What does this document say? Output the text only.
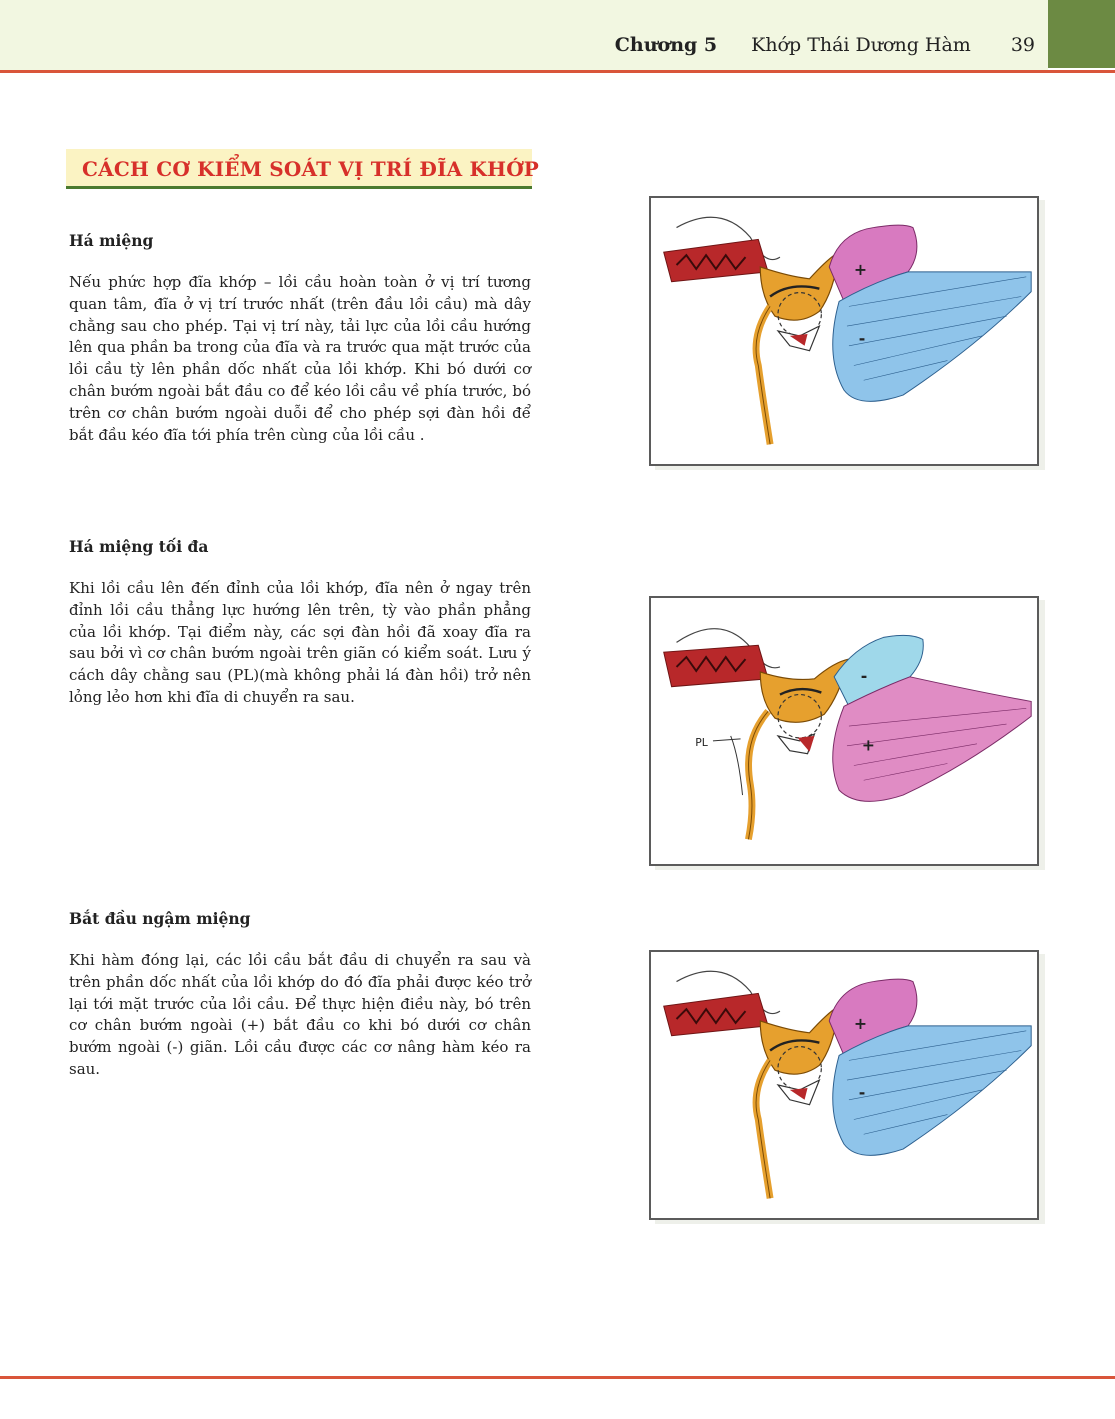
Chương 5 Khớp Thái Dương Hàm 39
CÁCH CƠ KIỂM SOÁT VỊ TRÍ ĐĨA KHỚP
Há miệng

Nếu phức hợp đĩa khớp – lồi cầu hoàn toàn ở vị trí tương quan tâm, đĩa ở vị trí trước nhất (trên đầu lồi cầu) mà dây chằng sau cho phép. Tại vị trí này, tải lực của lồi cầu hướng lên qua phần ba trong của đĩa và ra trước qua mặt trước của lồi cầu tỳ lên phần dốc nhất của lồi khớp. Khi bó dưới cơ chân bướm ngoài bắt đầu co để kéo lồi cầu về phía trước, bó trên cơ chân bướm ngoài duỗi để cho phép sợi đàn hồi để bắt đầu kéo đĩa tới phía trên cùng của lồi cầu .

Há miệng tối đa

Khi lồi cầu lên đến đỉnh của lồi khớp, đĩa nên ở ngay trên đỉnh lồi cầu thẳng lực hướng lên trên, tỳ vào phần phẳng của lồi khớp. Tại điểm này, các sợi đàn hồi đã xoay đĩa ra sau bởi vì cơ chân bướm ngoài trên giãn có kiểm soát. Lưu ý cách dây chằng sau (PL)(mà không phải lá đàn hồi) trở nên lỏng lẻo hơn khi đĩa di chuyển ra sau.

Bắt đầu ngậm miệng

Khi hàm đóng lại, các lồi cầu bắt đầu di chuyển ra sau và trên phần dốc nhất của lồi khớp do đó đĩa phải được kéo trở lại tới mặt trước của lồi cầu. Để thực hiện điều này, bó trên cơ chân bướm ngoài (+) bắt đầu co khi bó dưới cơ chân bướm ngoài (-) giãn. Lồi cầu được các cơ nâng hàm kéo ra sau.

+
-
PL
-
+
+
-
